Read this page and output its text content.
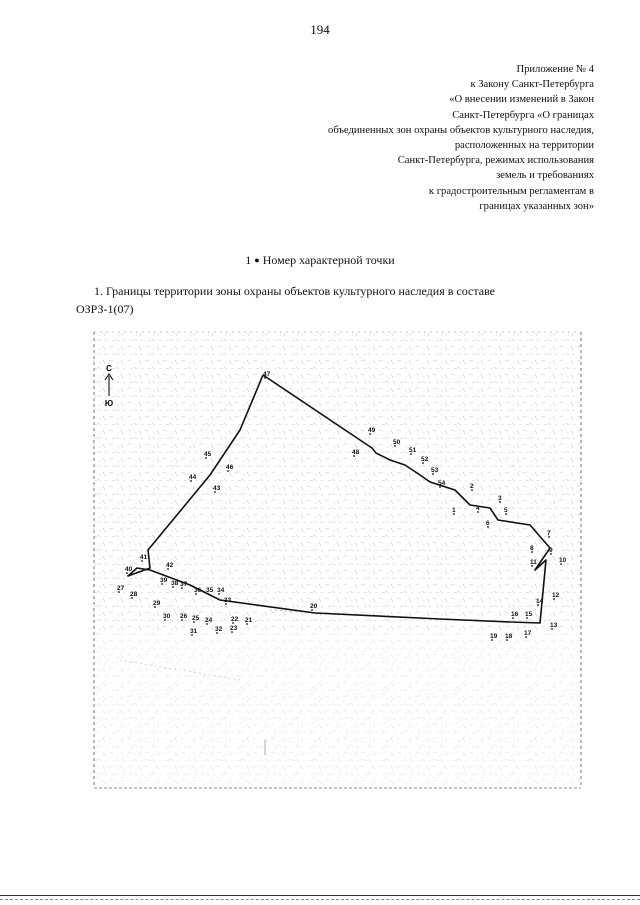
194
Приложение № 4
к Закону Санкт-Петербурга
«О внесении изменений в Закон
Санкт-Петербурга «О границах
объединенных зон охраны объектов культурного наследия,
расположенных на территории
Санкт-Петербурга, режимах использования
земель и требованиях
к градостроительным регламентам в
границах указанных зон»
1 ● Номер характерной точки
1. Границы территории зоны охраны объектов культурного наследия в составе
ОЗРЗ-1(07)
С
Ю
1
2
3
4	5
6
7
8 9
10
11
12
13
14
15
16
17
18
19
20
21
22
23
24
25
26
27
28
29
30
31	32
33
34
35
36
37
38
39
40
41
42
43
44
45
46
47
48
49
50
51
52
53
54
